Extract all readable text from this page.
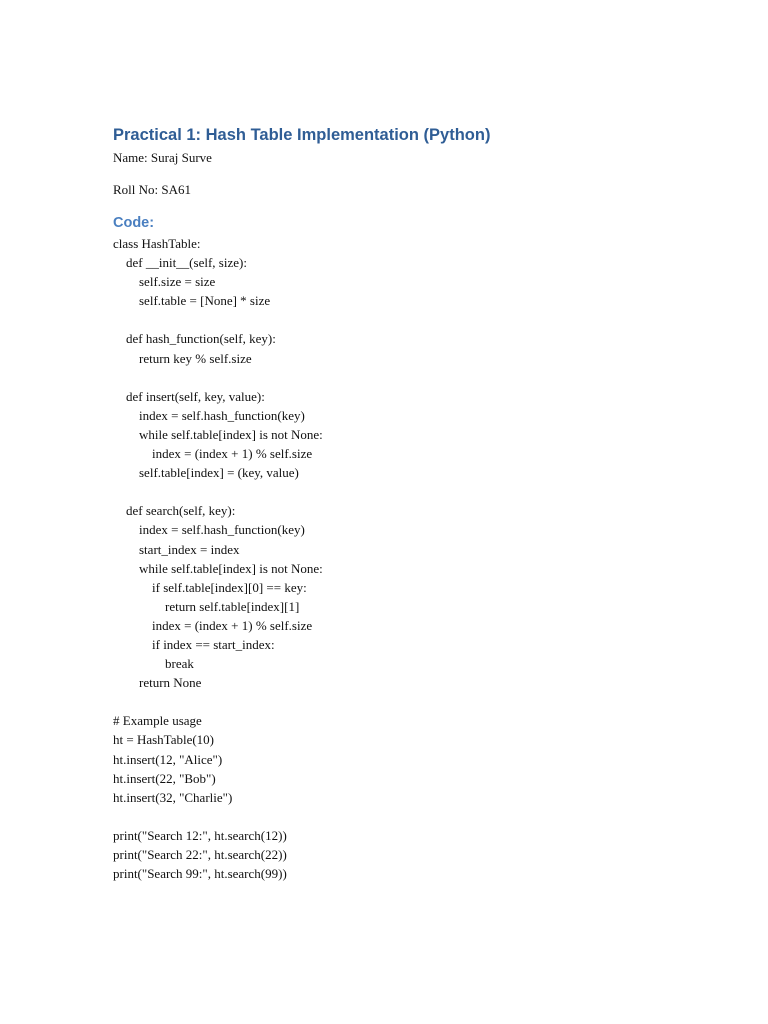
Practical 1: Hash Table Implementation (Python)

Name: Suraj Surve

Roll No: SA61

Code:
class HashTable:
def __init__(self, size):
self.size = size
self.table = [None] * size
def hash_function(self, key):
return key % self.size
def insert(self, key, value):
index = self.hash_function(key)
while self.table[index] is not None:
index = (index + 1) % self.size
self.table[index] = (key, value)
def search(self, key):
index = self.hash_function(key)
start_index = index
while self.table[index] is not None:
if self.table[index][0] == key:
return self.table[index][1]
index = (index + 1) % self.size
if index == start_index:
break
return None
# Example usage
ht = HashTable(10)
ht.insert(12, "Alice")
ht.insert(22, "Bob")
ht.insert(32, "Charlie")
print("Search 12:", ht.search(12))
print("Search 22:", ht.search(22))
print("Search 99:", ht.search(99))
